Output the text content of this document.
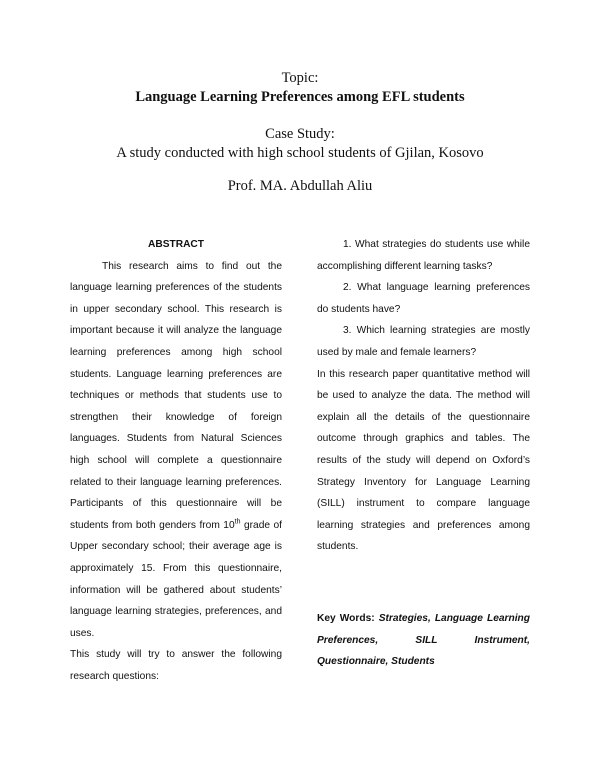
Topic:
Language Learning Preferences among EFL students
Case Study:
A study conducted with high school students of Gjilan, Kosovo
Prof. MA. Abdullah Aliu
ABSTRACT

This research aims to find out the language learning preferences of the students in upper secondary school. This research is important because it will analyze the language learning preferences among high school students. Language learning preferences are techniques or methods that students use to strengthen their knowledge of foreign languages. Students from Natural Sciences high school will complete a questionnaire related to their language learning preferences. Participants of this questionnaire will be students from both genders from 10th grade of Upper secondary school; their average age is approximately 15. From this questionnaire, information will be gathered about students’ language learning strategies, preferences, and uses.

This study will try to answer the following research questions:

1. What strategies do students use while accomplishing different learning tasks?

2. What language learning preferences do students have?

3. Which learning strategies are mostly used by male and female learners?

In this research paper quantitative method will be used to analyze the data. The method will explain all the details of the questionnaire outcome through graphics and tables. The results of the study will depend on Oxford’s Strategy Inventory for Language Learning (SILL) instrument to compare language learning strategies and preferences among students.

Key Words: Strategies, Language Learning Preferences, SILL Instrument, Questionnaire, Students
